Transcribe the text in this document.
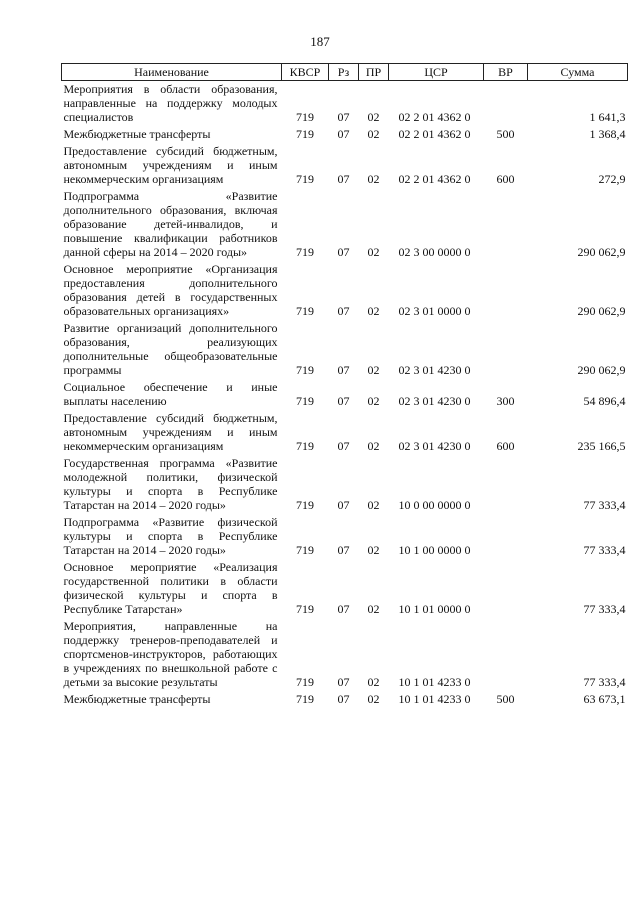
187
Наименование	КВСР	Рз	ПР	ЦСР	ВР	Сумма
Мероприятия в области образования, направленные на поддержку молодых специалистов	719	07	02	02 2 01 4362 0		1 641,3
Межбюджетные трансферты	719	07	02	02 2 01 4362 0	500	1 368,4
Предоставление субсидий бюджетным, автономным учреждениям и иным некоммерческим организациям	719	07	02	02 2 01 4362 0	600	272,9
Подпрограмма «Развитие дополнительного образования, включая образование детей-инвалидов, и повышение квалификации работников данной сферы на 2014 – 2020 годы»	719	07	02	02 3 00 0000 0		290 062,9
Основное мероприятие «Организация предоставления дополнительного образования детей в государственных образовательных организациях»	719	07	02	02 3 01 0000 0		290 062,9
Развитие организаций дополнительного образования, реализующих дополнительные общеобразовательные программы	719	07	02	02 3 01 4230 0		290 062,9
Социальное обеспечение и иные выплаты населению	719	07	02	02 3 01 4230 0	300	54 896,4
Предоставление субсидий бюджетным, автономным учреждениям и иным некоммерческим организациям	719	07	02	02 3 01 4230 0	600	235 166,5
Государственная программа «Развитие молодежной политики, физической культуры и спорта в Республике Татарстан на 2014 – 2020 годы»	719	07	02	10 0 00 0000 0		77 333,4
Подпрограмма «Развитие физической культуры и спорта в Республике Татарстан на 2014 – 2020 годы»	719	07	02	10 1 00 0000 0		77 333,4
Основное мероприятие «Реализация государственной политики в области физической культуры и спорта в Республике Татарстан»	719	07	02	10 1 01 0000 0		77 333,4
Мероприятия, направленные на поддержку тренеров-преподавателей и спортсменов-инструкторов, работающих в учреждениях по внешкольной работе с детьми за высокие результаты	719	07	02	10 1 01 4233 0		77 333,4
Межбюджетные трансферты	719	07	02	10 1 01 4233 0	500	63 673,1
